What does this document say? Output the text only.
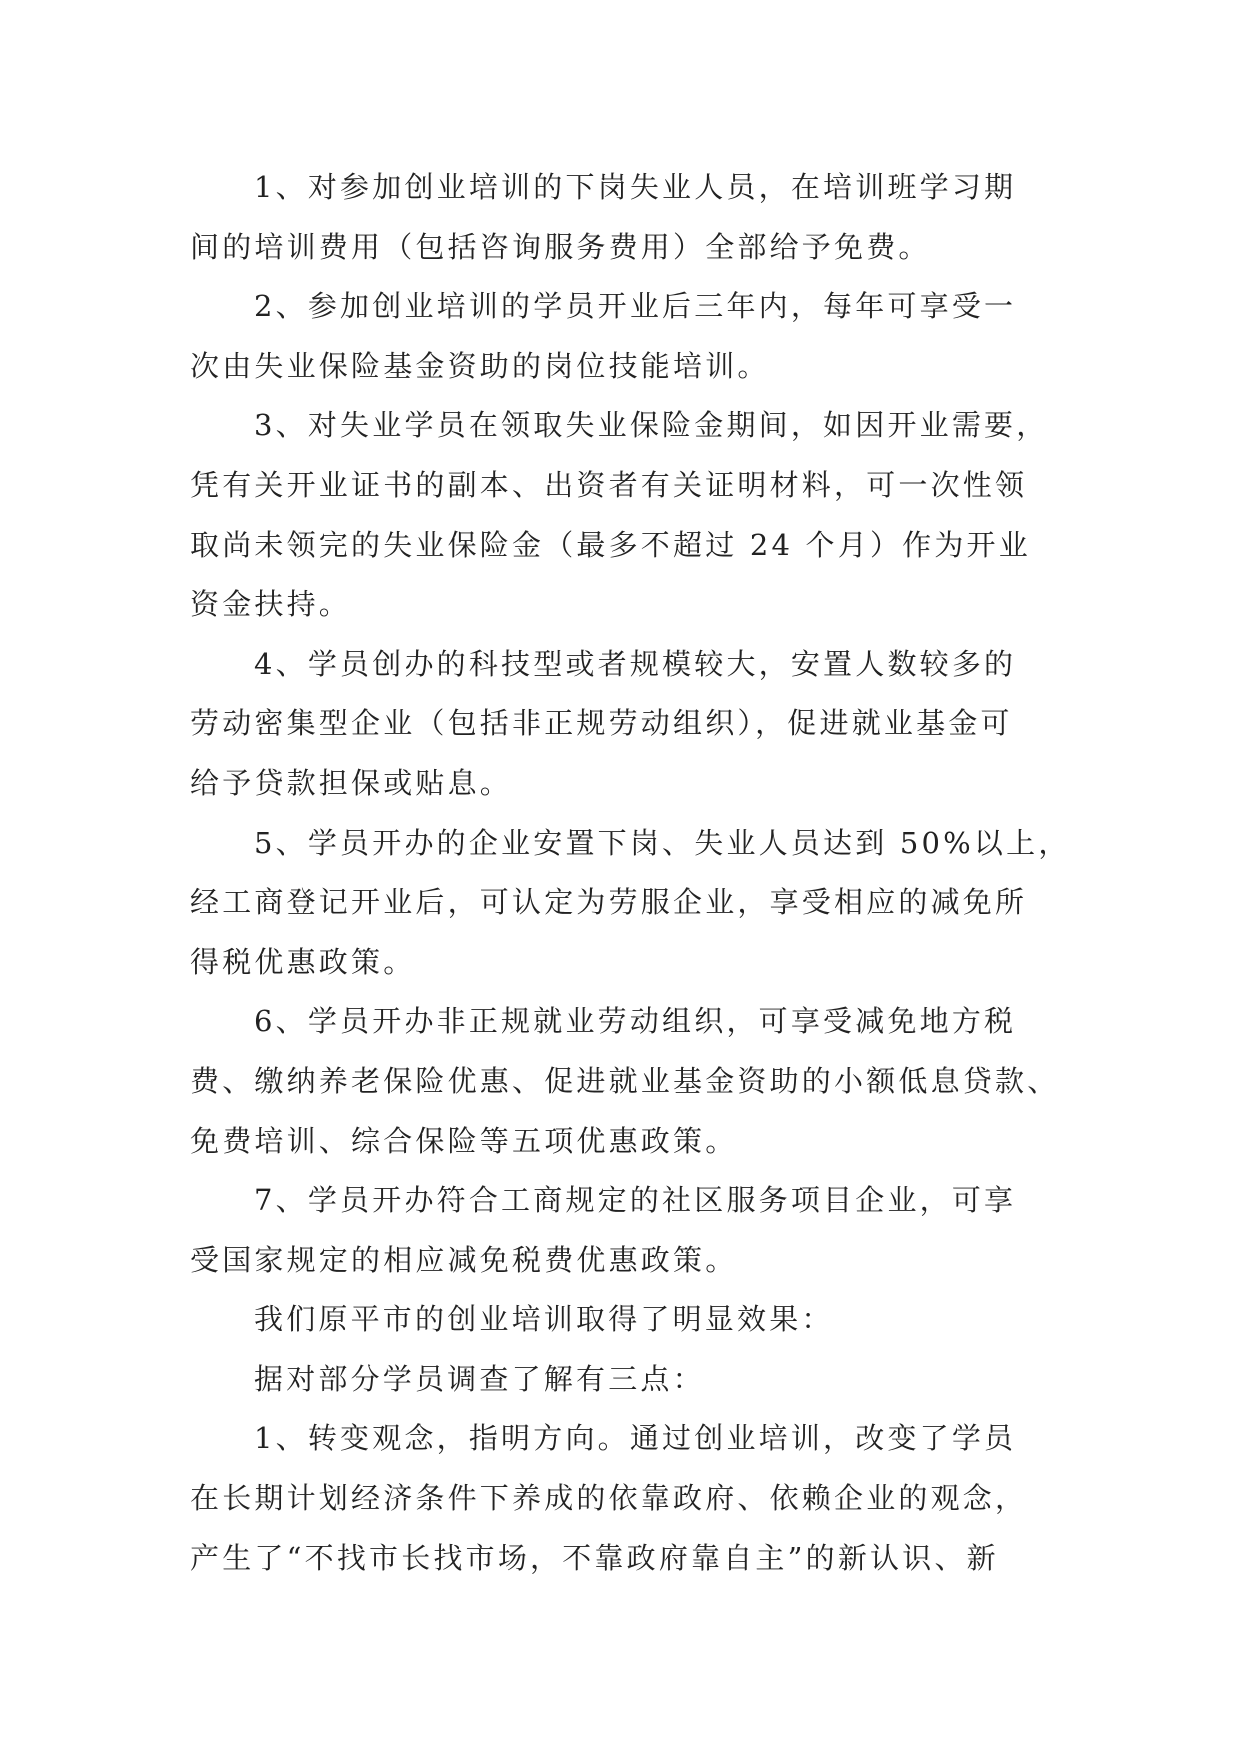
1、对参加创业培训的下岗失业人员，在培训班学习期
间的培训费用（包括咨询服务费用）全部给予免费。

2、参加创业培训的学员开业后三年内，每年可享受一
次由失业保险基金资助的岗位技能培训。

3、对失业学员在领取失业保险金期间，如因开业需要，
凭有关开业证书的副本、出资者有关证明材料，可一次性领
取尚未领完的失业保险金（最多不超过 24 个月）作为开业
资金扶持。

4、学员创办的科技型或者规模较大，安置人数较多的
劳动密集型企业（包括非正规劳动组织），促进就业基金可
给予贷款担保或贴息。

5、学员开办的企业安置下岗、失业人员达到 50%以上，
经工商登记开业后，可认定为劳服企业，享受相应的减免所
得税优惠政策。

6、学员开办非正规就业劳动组织，可享受减免地方税
费、缴纳养老保险优惠、促进就业基金资助的小额低息贷款、
免费培训、综合保险等五项优惠政策。

7、学员开办符合工商规定的社区服务项目企业，可享
受国家规定的相应减免税费优惠政策。

我们原平市的创业培训取得了明显效果：

据对部分学员调查了解有三点：

1、转变观念，指明方向。通过创业培训，改变了学员
在长期计划经济条件下养成的依靠政府、依赖企业的观念，
产生了“不找市长找市场，不靠政府靠自主”的新认识、新
